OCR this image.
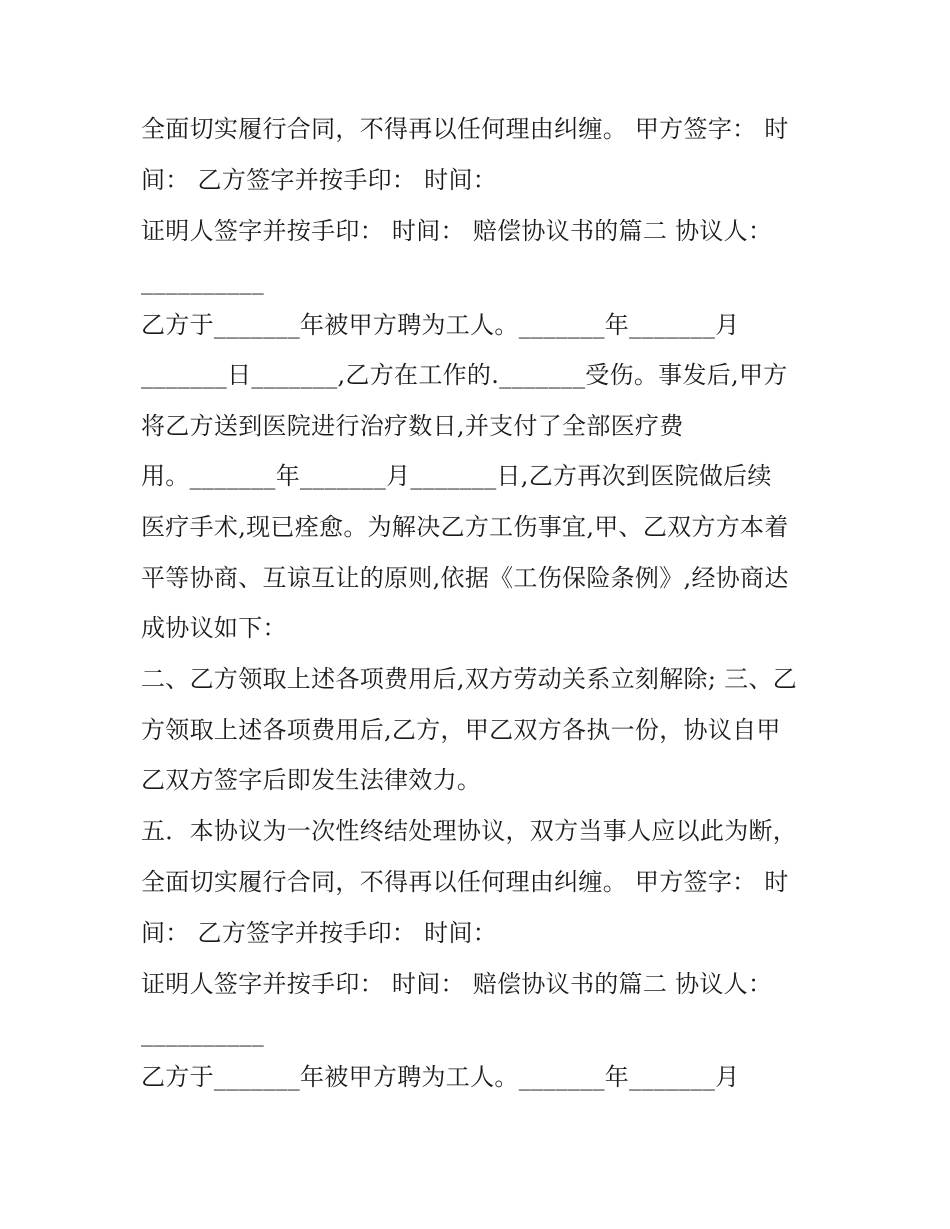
全面切实履行合同，不得再以任何理由纠缠。 甲方签字： 时
间： 乙方签字并按手印： 时间：
证明人签字并按手印： 时间： 赔偿协议书的篇二 协议人：
__________
乙方于_______年被甲方聘为工人。_______年_______月
_______日_______,乙方在工作的._______受伤。事发后,甲方
将乙方送到医院进行治疗数日,并支付了全部医疗费
用。_______年_______月_______日,乙方再次到医院做后续
医疗手术,现已痊愈。为解决乙方工伤事宜,甲、乙双方方本着
平等协商、互谅互让的原则,依据《工伤保险条例》,经协商达
成协议如下：
二、乙方领取上述各项费用后,双方劳动关系立刻解除; 三、乙
方领取上述各项费用后,乙方，甲乙双方各执一份，协议自甲
乙双方签字后即发生法律效力。
五．本协议为一次性终结处理协议，双方当事人应以此为断，
全面切实履行合同，不得再以任何理由纠缠。 甲方签字： 时
间： 乙方签字并按手印： 时间：
证明人签字并按手印： 时间： 赔偿协议书的篇二 协议人：
__________
乙方于_______年被甲方聘为工人。_______年_______月
